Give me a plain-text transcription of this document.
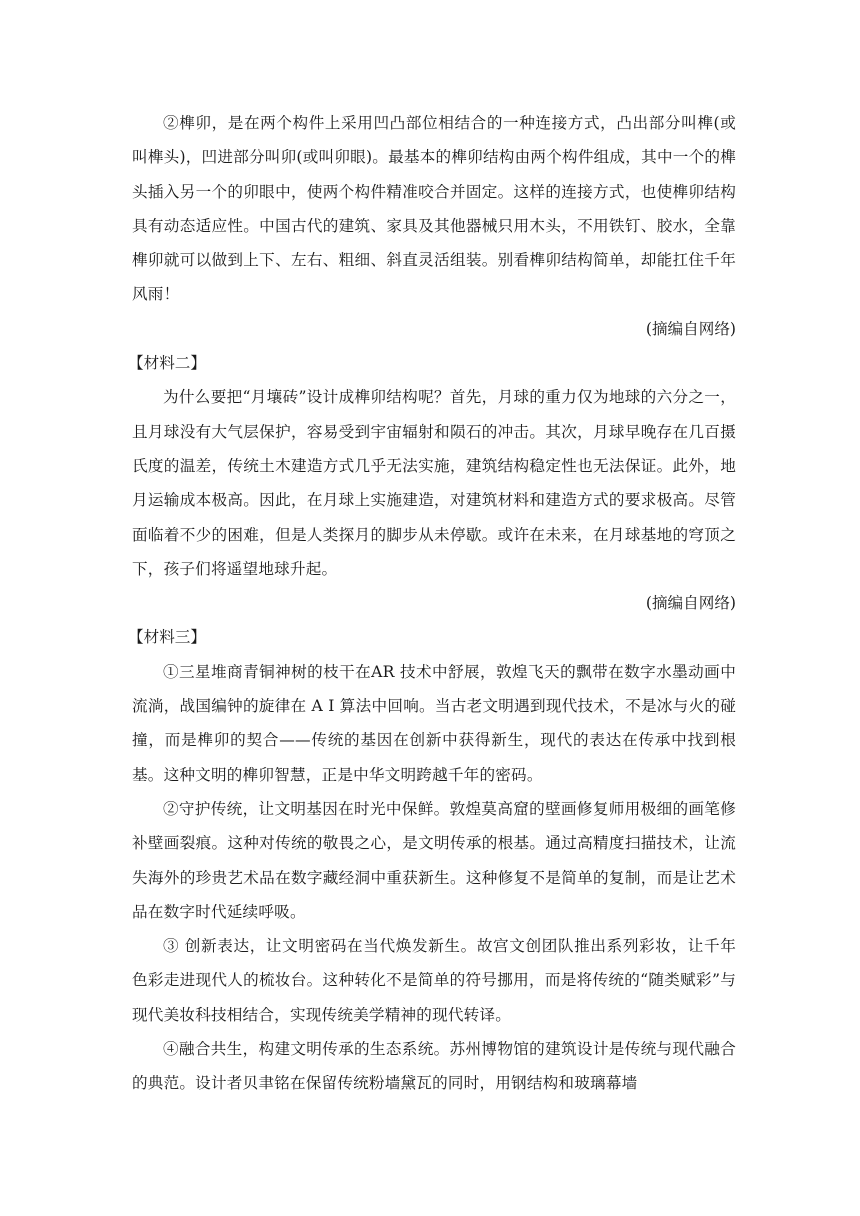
②榫卯，是在两个构件上采用凹凸部位相结合的一种连接方式，凸出部分叫榫(或叫榫头)，凹进部分叫卯(或叫卯眼)。最基本的榫卯结构由两个构件组成，其中一个的榫头插入另一个的卯眼中，使两个构件精准咬合并固定。这样的连接方式，也使榫卯结构具有动态适应性。中国古代的建筑、家具及其他器械只用木头，不用铁钉、胶水，全靠榫卯就可以做到上下、左右、粗细、斜直灵活组装。别看榫卯结构简单，却能扛住千年风雨！

(摘编自网络)

【材料二】

为什么要把“月壤砖”设计成榫卯结构呢？首先，月球的重力仅为地球的六分之一，且月球没有大气层保护，容易受到宇宙辐射和陨石的冲击。其次，月球早晚存在几百摄氏度的温差，传统土木建造方式几乎无法实施，建筑结构稳定性也无法保证。此外，地月运输成本极高。因此，在月球上实施建造，对建筑材料和建造方式的要求极高。尽管面临着不少的困难，但是人类探月的脚步从未停歇。或许在未来，在月球基地的穹顶之下，孩子们将遥望地球升起。

(摘编自网络)

【材料三】

①三星堆商青铜神树的枝干在AR 技术中舒展，敦煌飞天的飘带在数字水墨动画中流淌，战国编钟的旋律在 A I 算法中回响。当古老文明遇到现代技术，不是冰与火的碰撞，而是榫卯的契合——传统的基因在创新中获得新生，现代的表达在传承中找到根基。这种文明的榫卯智慧，正是中华文明跨越千年的密码。

②守护传统，让文明基因在时光中保鲜。敦煌莫高窟的壁画修复师用极细的画笔修补壁画裂痕。这种对传统的敬畏之心，是文明传承的根基。通过高精度扫描技术，让流失海外的珍贵艺术品在数字藏经洞中重获新生。这种修复不是简单的复制，而是让艺术品在数字时代延续呼吸。

③ 创新表达，让文明密码在当代焕发新生。故宫文创团队推出系列彩妆，让千年色彩走进现代人的梳妆台。这种转化不是简单的符号挪用，而是将传统的“随类赋彩”与现代美妆科技相结合，实现传统美学精神的现代转译。

④融合共生，构建文明传承的生态系统。苏州博物馆的建筑设计是传统与现代融合的典范。设计者贝聿铭在保留传统粉墙黛瓦的同时，用钢结构和玻璃幕墙
